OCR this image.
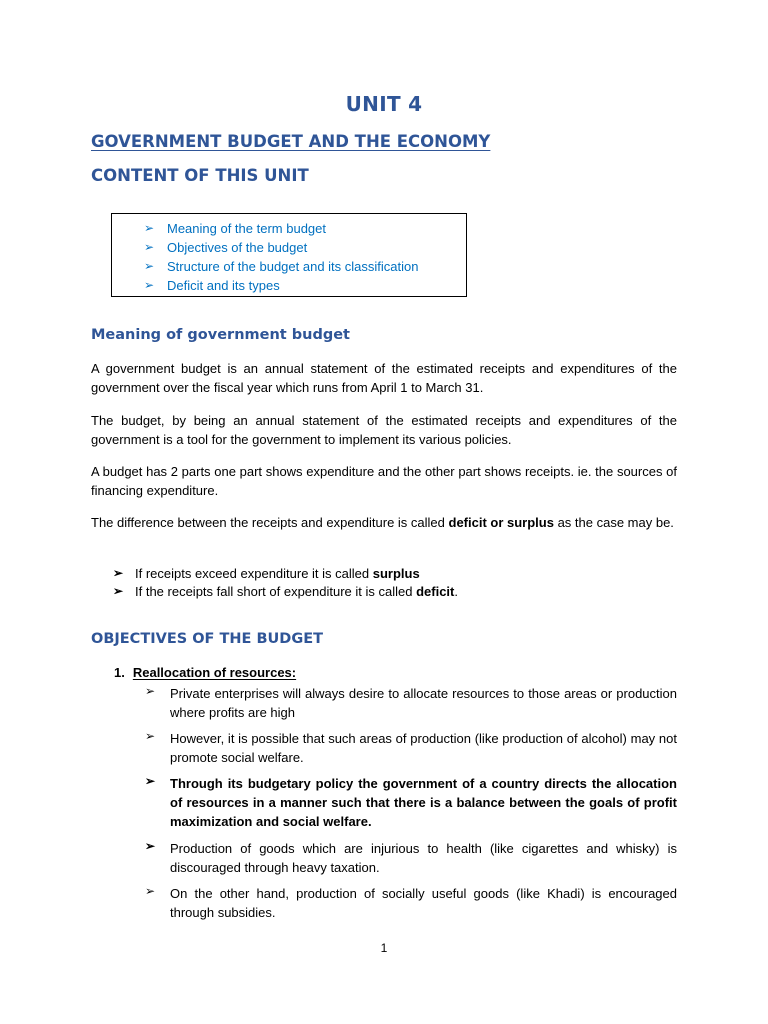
UNIT 4
GOVERNMENT BUDGET AND THE ECONOMY
CONTENT OF THIS UNIT
➢ Meaning of the term budget
➢ Objectives of the budget
➢ Structure of the budget and its classification
➢ Deficit and its types
Meaning of government budget
A government budget is an annual statement of the estimated receipts and expenditures of the government over the fiscal year which runs from April 1 to March 31.
The budget, by being an annual statement of the estimated receipts and expenditures of the government is a tool for the government to implement its various policies.
A budget has 2 parts one part shows expenditure and the other part shows receipts. ie. the sources of financing expenditure.
The difference between the receipts and expenditure is called deficit or surplus as the case may be.
➢ If receipts exceed expenditure it is called surplus
➢ If the receipts fall short of expenditure it is called deficit.
OBJECTIVES OF THE BUDGET
1. Reallocation of resources:
➢ Private enterprises will always desire to allocate resources to those areas or production where profits are high
➢ However, it is possible that such areas of production (like production of alcohol) may not promote social welfare.
➢ Through its budgetary policy the government of a country directs the allocation of resources in a manner such that there is a balance between the goals of profit maximization and social welfare.
➢ Production of goods which are injurious to health (like cigarettes and whisky) is discouraged through heavy taxation.
➢ On the other hand, production of socially useful goods (like Khadi) is encouraged through subsidies.
1
